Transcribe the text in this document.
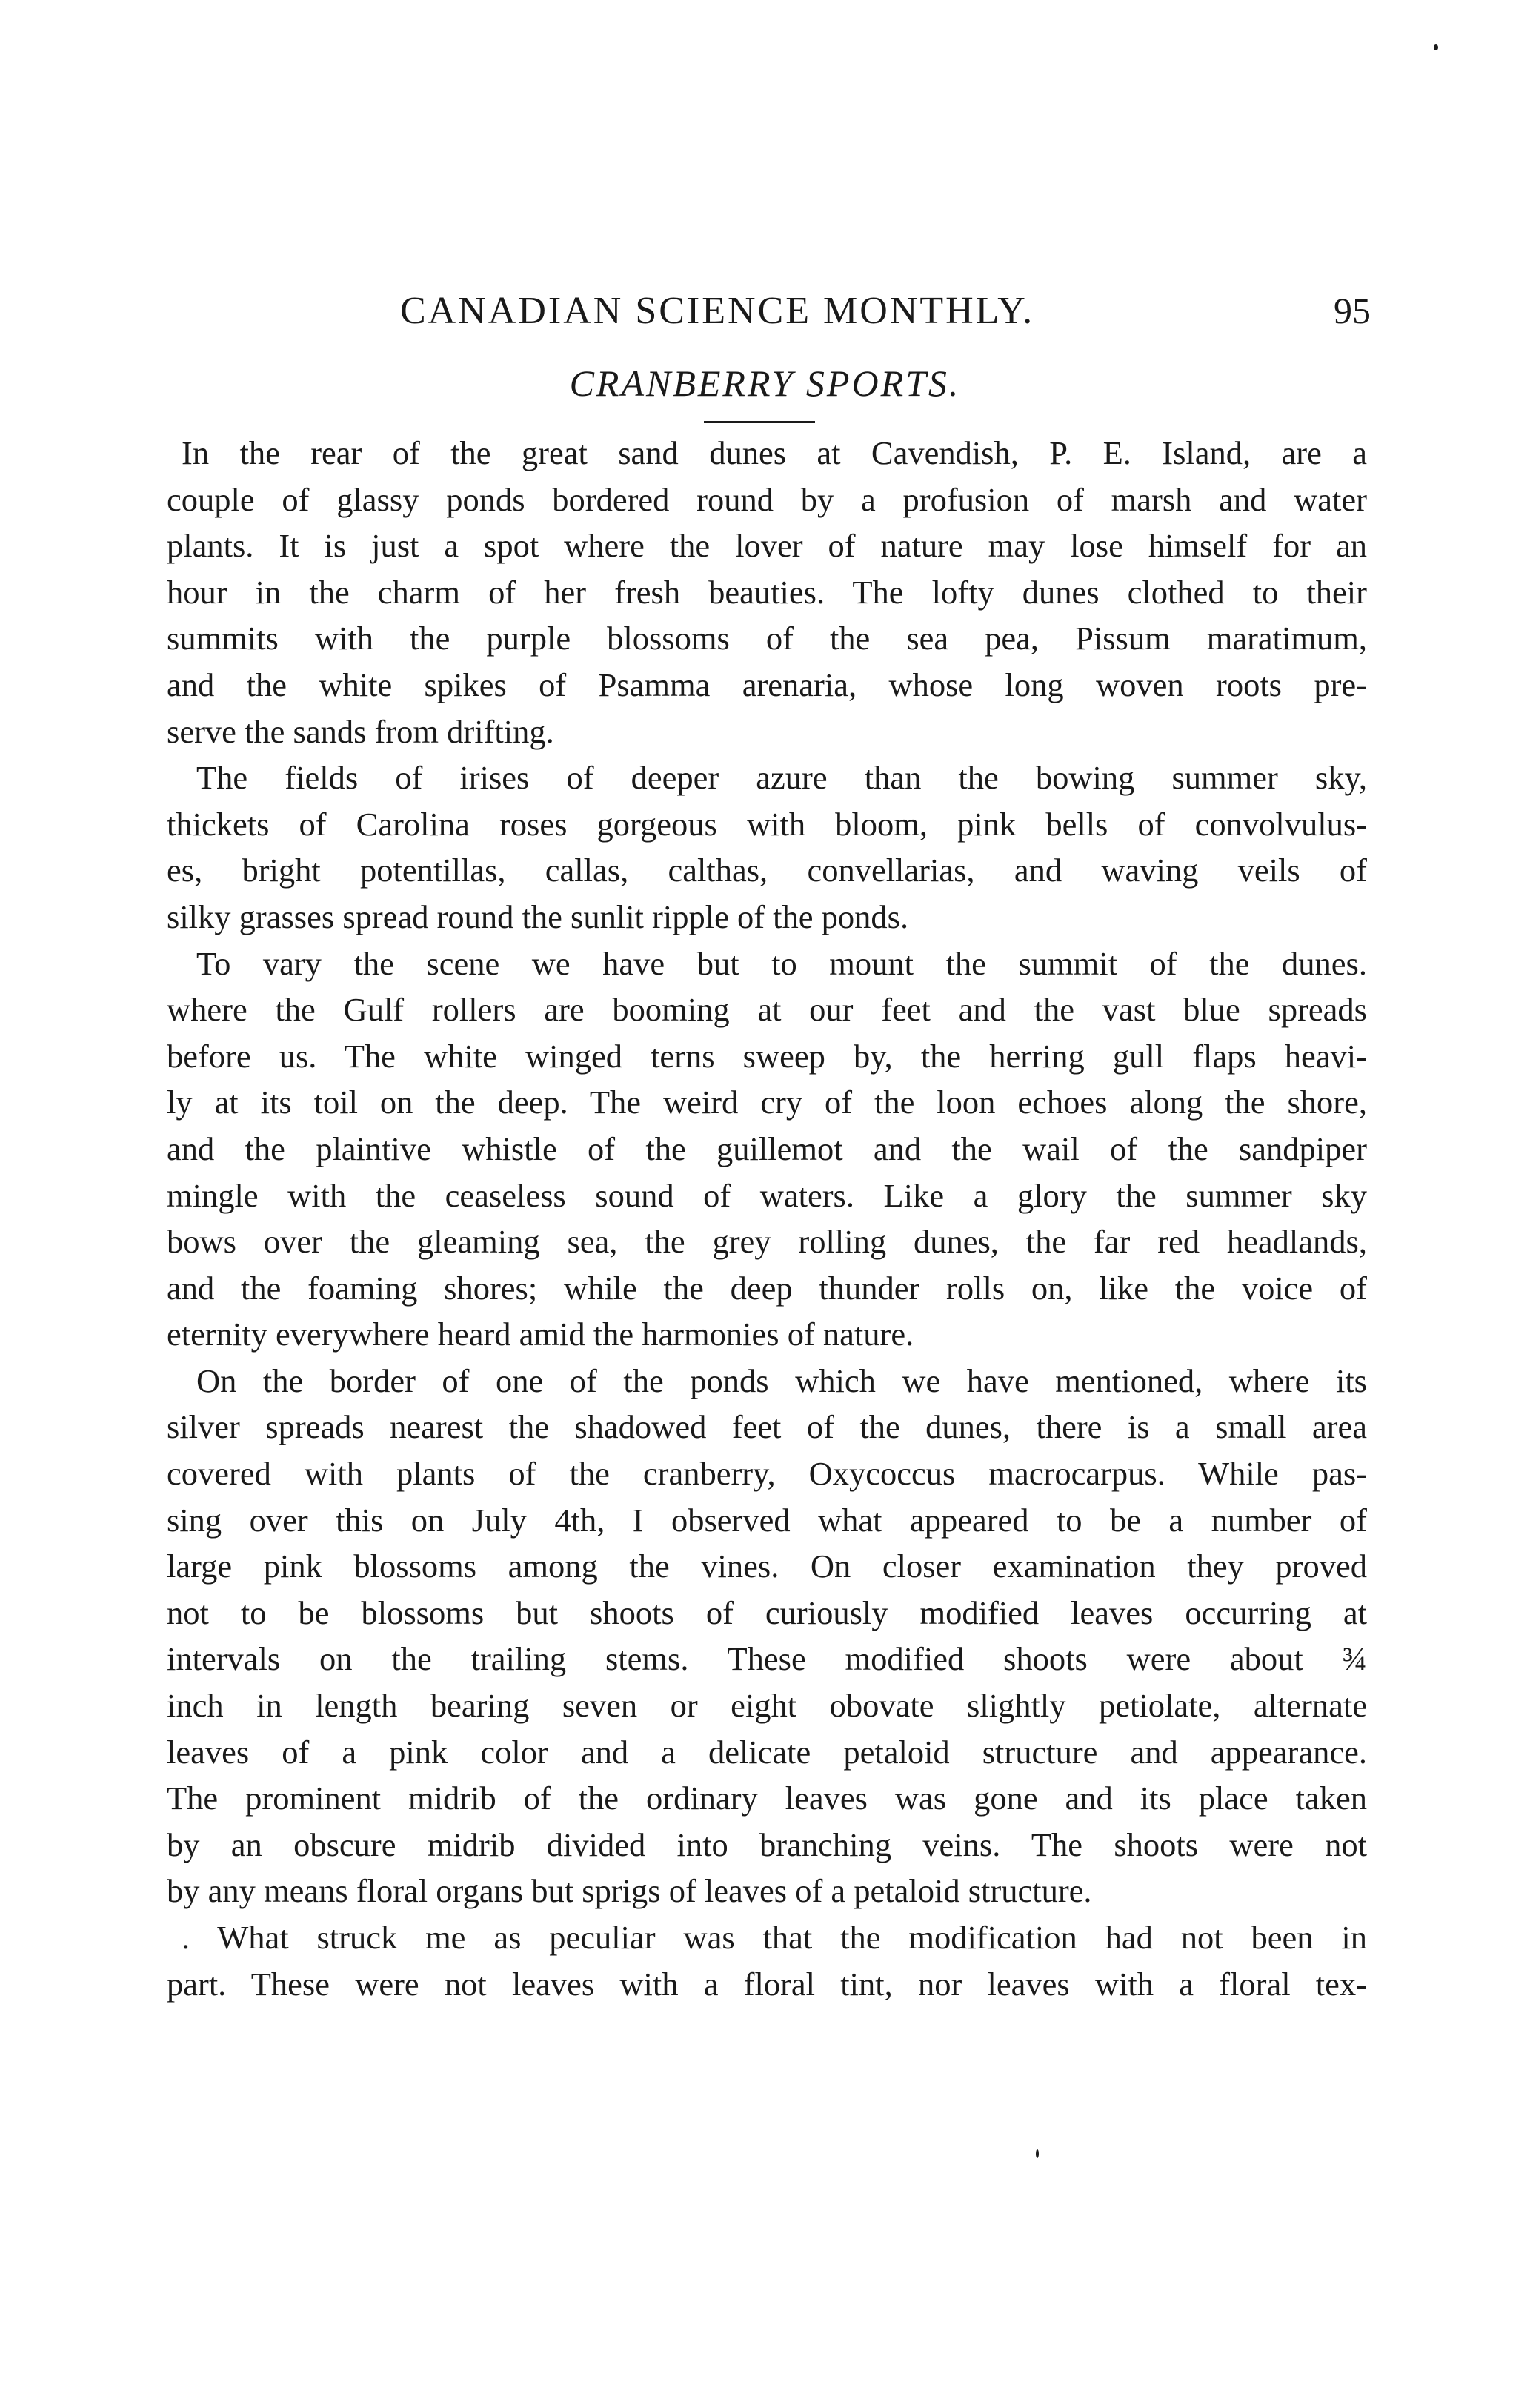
CANADIAN SCIENCE MONTHLY.	95
CRANBERRY SPORTS.

In the rear of the great sand dunes at Cavendish, P. E. Island, are a
couple of glassy ponds bordered round by a profusion of marsh and water
plants. It is just a spot where the lover of nature may lose himself for an
hour in the charm of her fresh beauties. The lofty dunes clothed to their
summits with the purple blossoms of the sea pea, Pissum maratimum,
and the white spikes of Psamma arenaria, whose long woven roots pre-
serve the sands from drifting.

The fields of irises of deeper azure than the bowing summer sky,
thickets of Carolina roses gorgeous with bloom, pink bells of convolvulus-
es, bright potentillas, callas, calthas, convellarias, and waving veils of
silky grasses spread round the sunlit ripple of the ponds.

To vary the scene we have but to mount the summit of the dunes.
where the Gulf rollers are booming at our feet and the vast blue spreads
before us. The white winged terns sweep by, the herring gull flaps heavi-
ly at its toil on the deep. The weird cry of the loon echoes along the shore,
and the plaintive whistle of the guillemot and the wail of the sandpiper
mingle with the ceaseless sound of waters. Like a glory the summer sky
bows over the gleaming sea, the grey rolling dunes, the far red headlands,
and the foaming shores; while the deep thunder rolls on, like the voice of
eternity everywhere heard amid the harmonies of nature.

On the border of one of the ponds which we have mentioned, where its
silver spreads nearest the shadowed feet of the dunes, there is a small area
covered with plants of the cranberry, Oxycoccus macrocarpus. While pas-
sing over this on July 4th, I observed what appeared to be a number of
large pink blossoms among the vines. On closer examination they proved
not to be blossoms but shoots of curiously modified leaves occurring at
intervals on the trailing stems. These modified shoots were about ¾
inch in length bearing seven or eight obovate slightly petiolate, alternate
leaves of a pink color and a delicate petaloid structure and appearance.
The prominent midrib of the ordinary leaves was gone and its place taken
by an obscure midrib divided into branching veins. The shoots were not
by any means floral organs but sprigs of leaves of a petaloid structure.

. What struck me as peculiar was that the modification had not been in
part. These were not leaves with a floral tint, nor leaves with a floral tex-
